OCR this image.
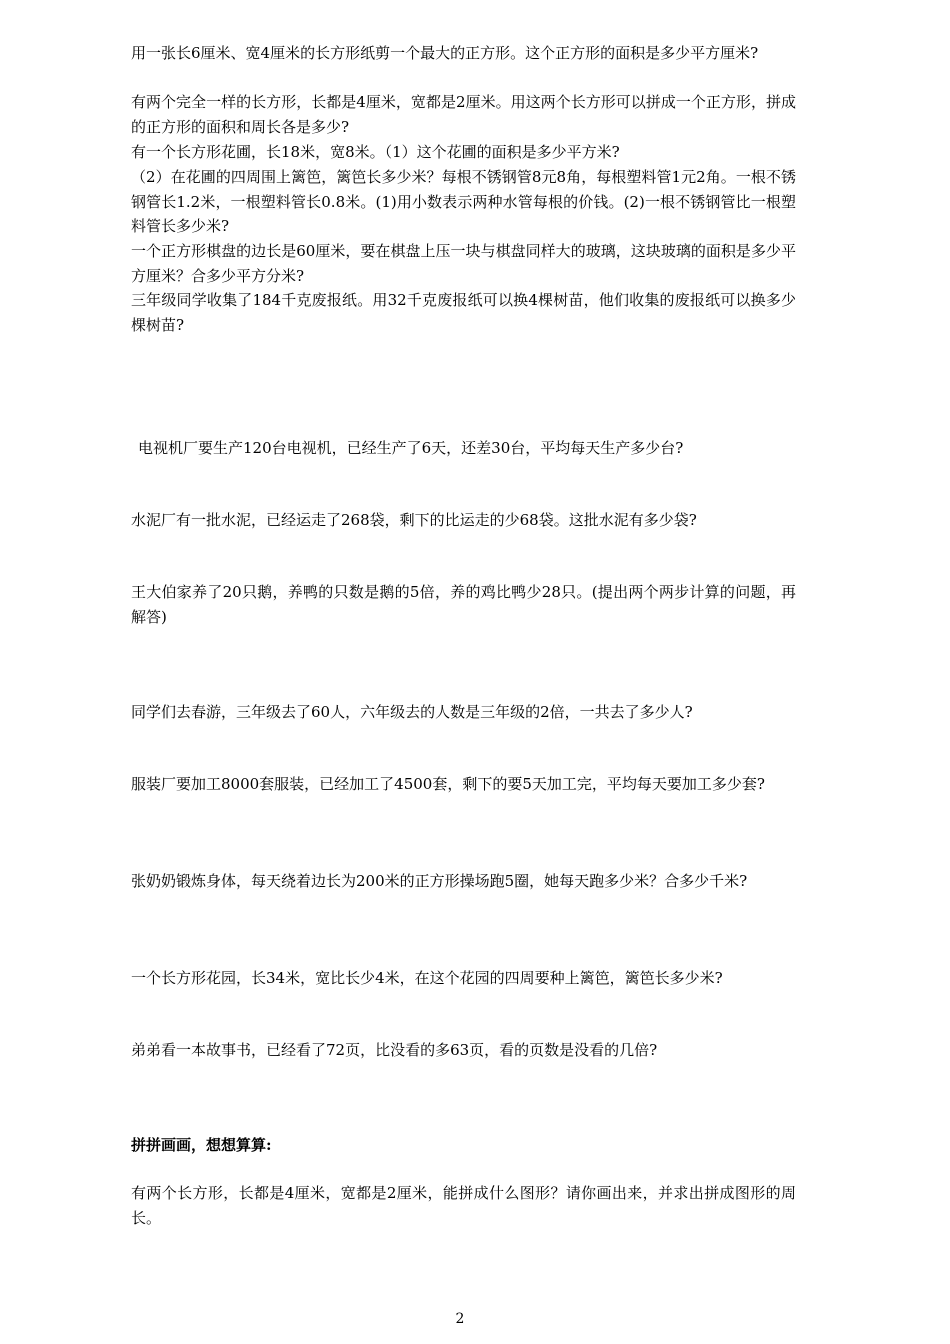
用一张长6厘米、宽4厘米的长方形纸剪一个最大的正方形。这个正方形的面积是多少平方厘米?

有两个完全一样的长方形，长都是4厘米，宽都是2厘米。用这两个长方形可以拼成一个正方形，拼成的正方形的面积和周长各是多少?

有一个长方形花圃，长18米，宽8米。（1）这个花圃的面积是多少平方米?

（2）在花圃的四周围上篱笆，篱笆长多少米？每根不锈钢管8元8角，每根塑料管1元2角。一根不锈钢管长1.2米，一根塑料管长0.8米。(1)用小数表示两种水管每根的价钱。(2)一根不锈钢管比一根塑料管长多少米?

一个正方形棋盘的边长是60厘米，要在棋盘上压一块与棋盘同样大的玻璃，这块玻璃的面积是多少平方厘米？合多少平方分米?

三年级同学收集了184千克废报纸。用32千克废报纸可以换4棵树苗，他们收集的废报纸可以换多少棵树苗?

电视机厂要生产120台电视机，已经生产了6天，还差30台，平均每天生产多少台?

水泥厂有一批水泥，已经运走了268袋，剩下的比运走的少68袋。这批水泥有多少袋?

王大伯家养了20只鹅，养鸭的只数是鹅的5倍，养的鸡比鸭少28只。(提出两个两步计算的问题，再解答)

同学们去春游，三年级去了60人，六年级去的人数是三年级的2倍，一共去了多少人?

服装厂要加工8000套服装，已经加工了4500套，剩下的要5天加工完，平均每天要加工多少套?

张奶奶锻炼身体，每天绕着边长为200米的正方形操场跑5圈，她每天跑多少米？合多少千米?

一个长方形花园，长34米，宽比长少4米，在这个花园的四周要种上篱笆，篱笆长多少米?

弟弟看一本故事书，已经看了72页，比没看的多63页，看的页数是没看的几倍?

拼拼画画，想想算算:

有两个长方形，长都是4厘米，宽都是2厘米，能拼成什么图形？请你画出来，并求出拼成图形的周长。

2
